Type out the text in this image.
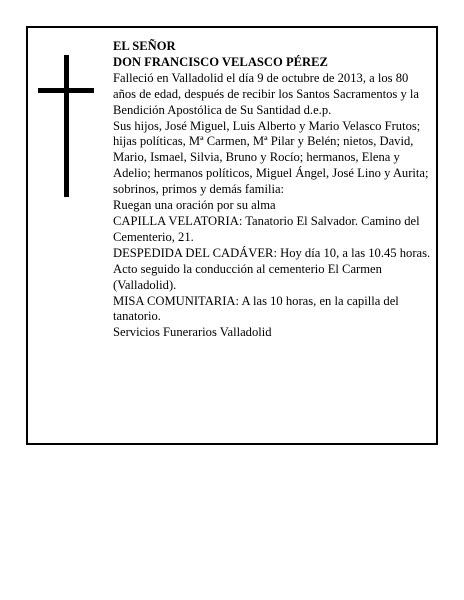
EL SEÑOR

DON FRANCISCO VELASCO PÉREZ

Falleció en Valladolid el día 9 de octubre de 2013, a los 80 años de edad, después de recibir los Santos Sacramentos y la Bendición Apostólica de Su Santidad d.e.p.

Sus hijos, José Miguel, Luis Alberto y Mario Velasco Frutos; hijas políticas, Mª Carmen, Mª Pilar y Belén; nietos, David, Mario, Ismael, Silvia, Bruno y Rocío; hermanos, Elena y Adelio; hermanos políticos, Miguel Ángel, José Lino y Aurita; sobrinos, primos y demás familia:

Ruegan una oración por su alma

CAPILLA VELATORIA: Tanatorio El Salvador. Camino del Cementerio, 21.

DESPEDIDA DEL CADÁVER: Hoy día 10, a las 10.45 horas. Acto seguido la conducción al cementerio El Carmen (Valladolid).

MISA COMUNITARIA: A las 10 horas, en la capilla del tanatorio.

Servicios Funerarios Valladolid
